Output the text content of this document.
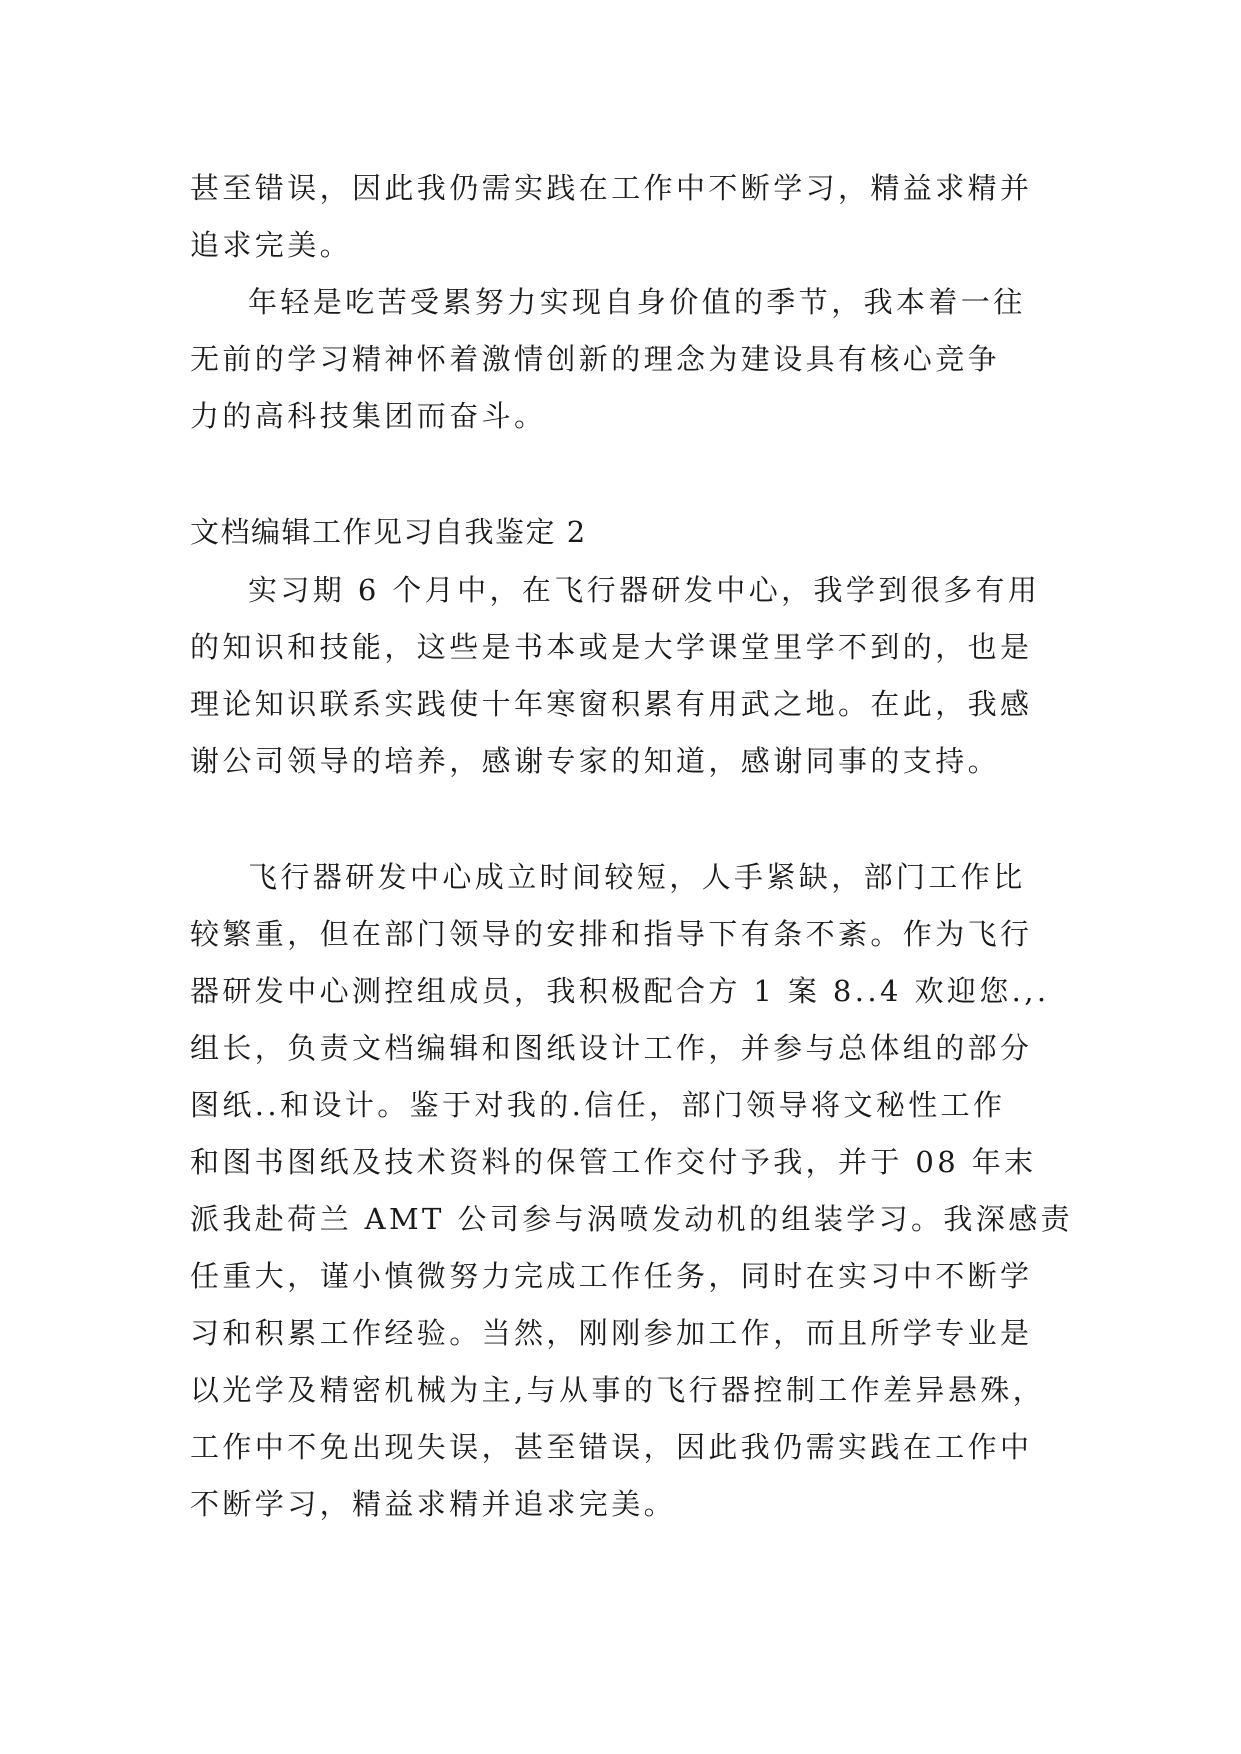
甚至错误，因此我仍需实践在工作中不断学习，精益求精并
追求完美。
年轻是吃苦受累努力实现自身价值的季节，我本着一往
无前的学习精神怀着激情创新的理念为建设具有核心竞争
力的高科技集团而奋斗。
文档编辑工作见习自我鉴定 2
实习期 6 个月中，在飞行器研发中心，我学到很多有用
的知识和技能，这些是书本或是大学课堂里学不到的，也是
理论知识联系实践使十年寒窗积累有用武之地。在此，我感
谢公司领导的培养，感谢专家的知道，感谢同事的支持。
飞行器研发中心成立时间较短，人手紧缺，部门工作比
较繁重，但在部门领导的安排和指导下有条不紊。作为飞行
器研发中心测控组成员，我积极配合方 1 案 8..4 欢迎您.,.
组长，负责文档编辑和图纸设计工作，并参与总体组的部分
图纸..和设计。鉴于对我的.信任，部门领导将文秘性工作
和图书图纸及技术资料的保管工作交付予我，并于 08 年末
派我赴荷兰 AMT 公司参与涡喷发动机的组装学习。我深感责
任重大，谨小慎微努力完成工作任务，同时在实习中不断学
习和积累工作经验。当然，刚刚参加工作，而且所学专业是
以光学及精密机械为主,与从事的飞行器控制工作差异悬殊，
工作中不免出现失误，甚至错误，因此我仍需实践在工作中
不断学习，精益求精并追求完美。
